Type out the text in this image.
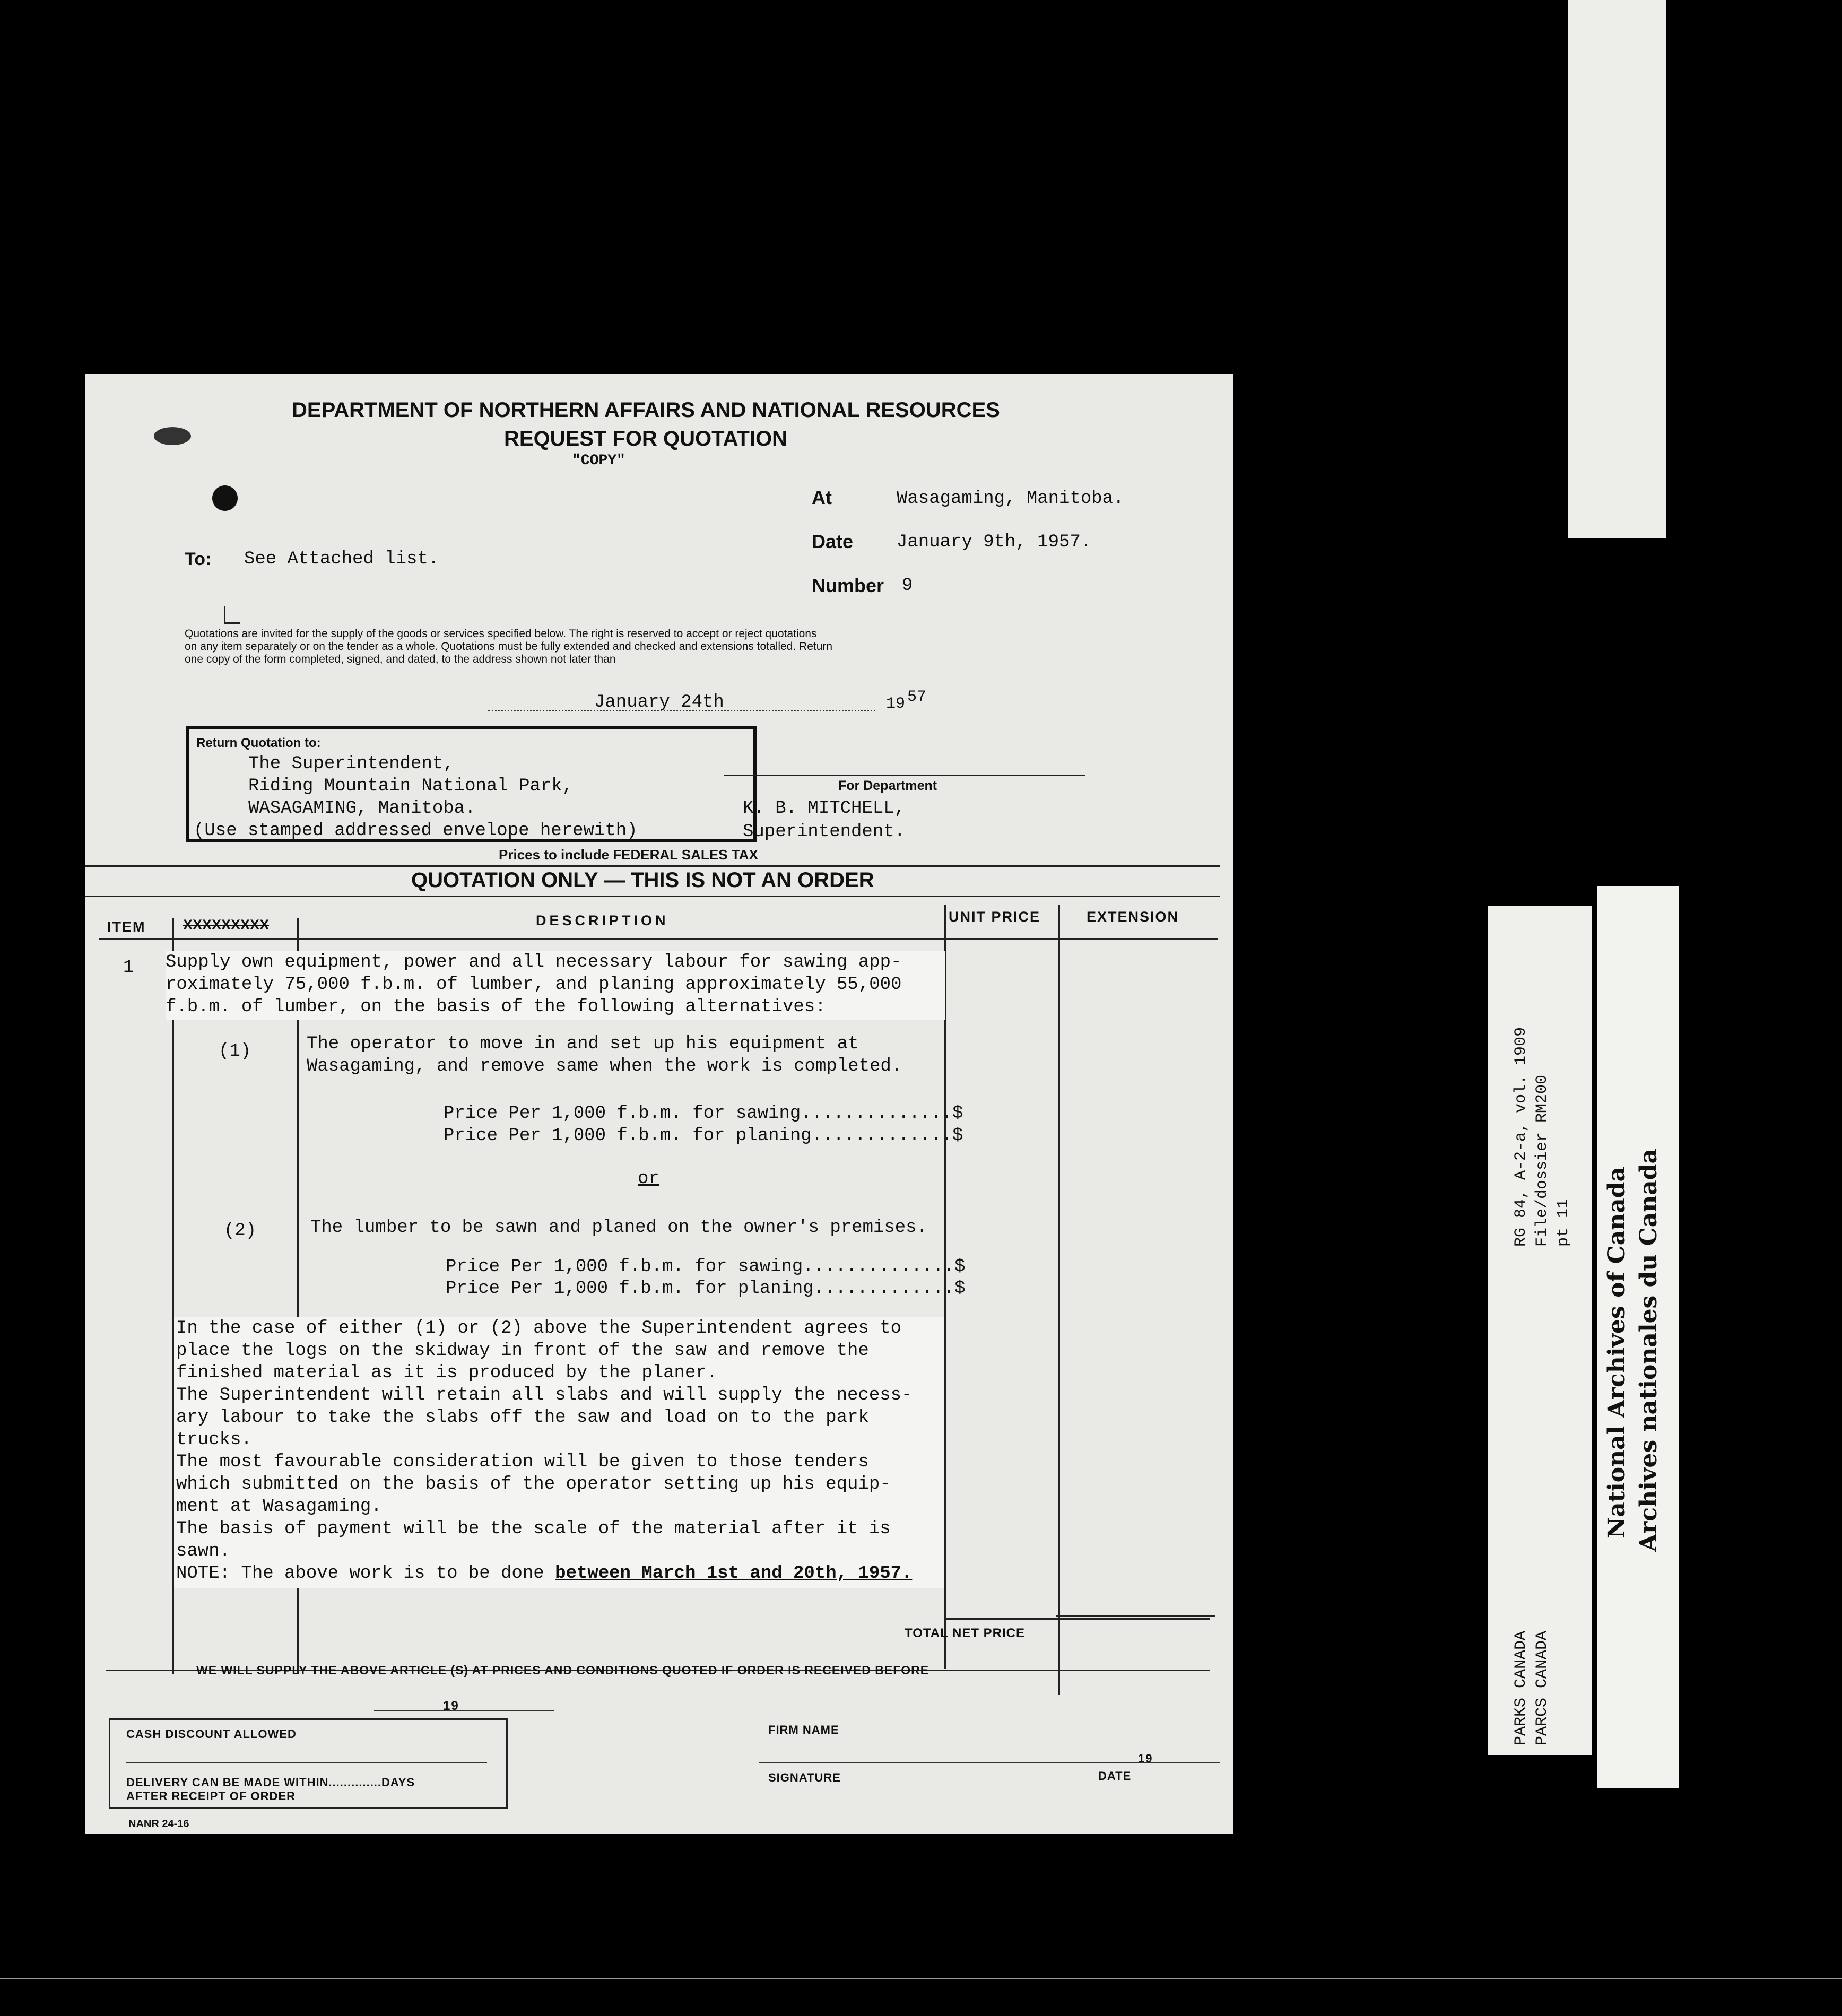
RG 84, A-2-a, vol. 1909 File/dossier RM200 pt 11
PARKS CANADA PARCS CANADA
National Archives of Canada Archives nationales du Canada
DEPARTMENT OF NORTHERN AFFAIRS AND NATIONAL RESOURCES
REQUEST FOR QUOTATION
"COPY"
At	Wasagaming, Manitoba.
Date January 9th, 1957.
Number 9
To: See Attached list.
Quotations are invited for the supply of the goods or services specified below. The right is reserved to accept or reject quotations
on any item separately or on the tender as a whole. Quotations must be fully extended and checked and extensions totalled. Return
one copy of the form completed, signed, and dated, to the address shown not later than
January 24th	19 57
Return Quotation to:
The Superintendent,
Riding Mountain National Park,
WASAGAMING, Manitoba.
(Use stamped addressed envelope herewith)
For Department
K. B. MITCHELL,
Superintendent.
Prices to include FEDERAL SALES TAX
QUOTATION ONLY — THIS IS NOT AN ORDER
ITEM	XXXXXXXXX	DESCRIPTION	UNIT PRICE	EXTENSION
1 Supply own equipment, power and all necessary labour for sawing app-
roximately 75,000 f.b.m. of lumber, and planing approximately 55,000
f.b.m. of lumber, on the basis of the following alternatives:
(1)	The operator to move in and set up his equipment at
Wasagaming, and remove same when the work is completed.
Price Per 1,000 f.b.m. for sawing..............$
Price Per 1,000 f.b.m. for planing.............$
or
(2)	The lumber to be sawn and planed on the owner's premises.
Price Per 1,000 f.b.m. for sawing..............$
Price Per 1,000 f.b.m. for planing.............$
In the case of either (1) or (2) above the Superintendent agrees to
place the logs on the skidway in front of the saw and remove the
finished material as it is produced by the planer.
The Superintendent will retain all slabs and will supply the necess-
ary labour to take the slabs off the saw and load on to the park
trucks.
The most favourable consideration will be given to those tenders
which submitted on the basis of the operator setting up his equip-
ment at Wasagaming.
The basis of payment will be the scale of the material after it is
sawn.
NOTE: The above work is to be done between March 1st and 20th, 1957.
TOTAL NET PRICE
WE WILL SUPPLY THE ABOVE ARTICLE (S) AT PRICES AND CONDITIONS QUOTED IF ORDER IS RECEIVED BEFORE
19
CASH DISCOUNT ALLOWED
DELIVERY CAN BE MADE WITHIN..............DAYS
AFTER RECEIPT OF ORDER
FIRM NAME
SIGNATURE
19
DATE
NANR 24-16
